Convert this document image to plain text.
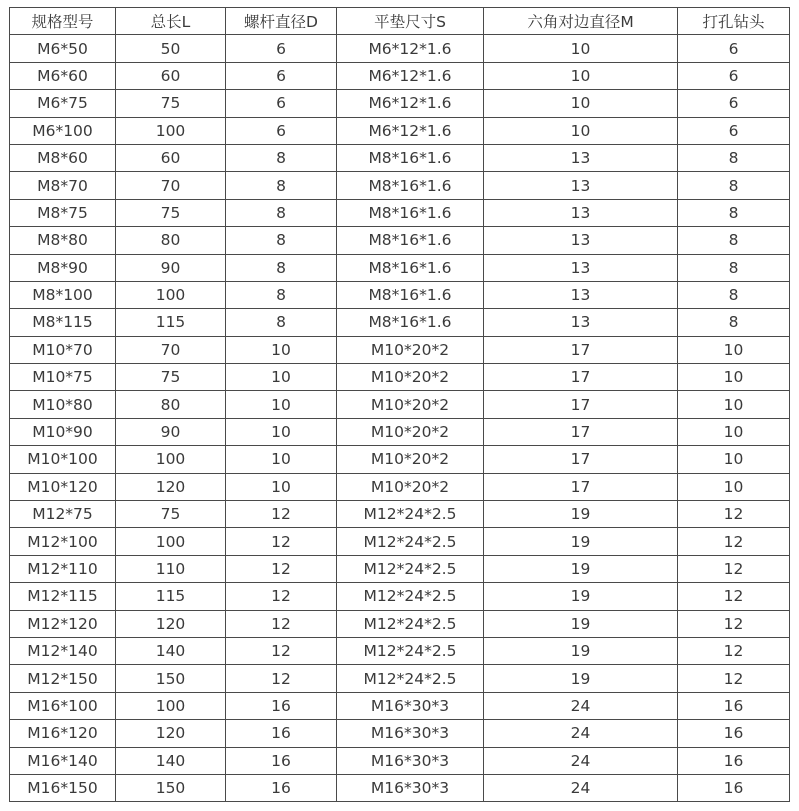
规格型号	总长L	螺杆直径D	平垫尺寸S	六角对边直径M	打孔钻头
M6*50	50	6	M6*12*1.6	10	6
M6*60	60	6	M6*12*1.6	10	6
M6*75	75	6	M6*12*1.6	10	6
M6*100	100	6	M6*12*1.6	10	6
M8*60	60	8	M8*16*1.6	13	8
M8*70	70	8	M8*16*1.6	13	8
M8*75	75	8	M8*16*1.6	13	8
M8*80	80	8	M8*16*1.6	13	8
M8*90	90	8	M8*16*1.6	13	8
M8*100	100	8	M8*16*1.6	13	8
M8*115	115	8	M8*16*1.6	13	8
M10*70	70	10	M10*20*2	17	10
M10*75	75	10	M10*20*2	17	10
M10*80	80	10	M10*20*2	17	10
M10*90	90	10	M10*20*2	17	10
M10*100	100	10	M10*20*2	17	10
M10*120	120	10	M10*20*2	17	10
M12*75	75	12	M12*24*2.5	19	12
M12*100	100	12	M12*24*2.5	19	12
M12*110	110	12	M12*24*2.5	19	12
M12*115	115	12	M12*24*2.5	19	12
M12*120	120	12	M12*24*2.5	19	12
M12*140	140	12	M12*24*2.5	19	12
M12*150	150	12	M12*24*2.5	19	12
M16*100	100	16	M16*30*3	24	16
M16*120	120	16	M16*30*3	24	16
M16*140	140	16	M16*30*3	24	16
M16*150	150	16	M16*30*3	24	16
